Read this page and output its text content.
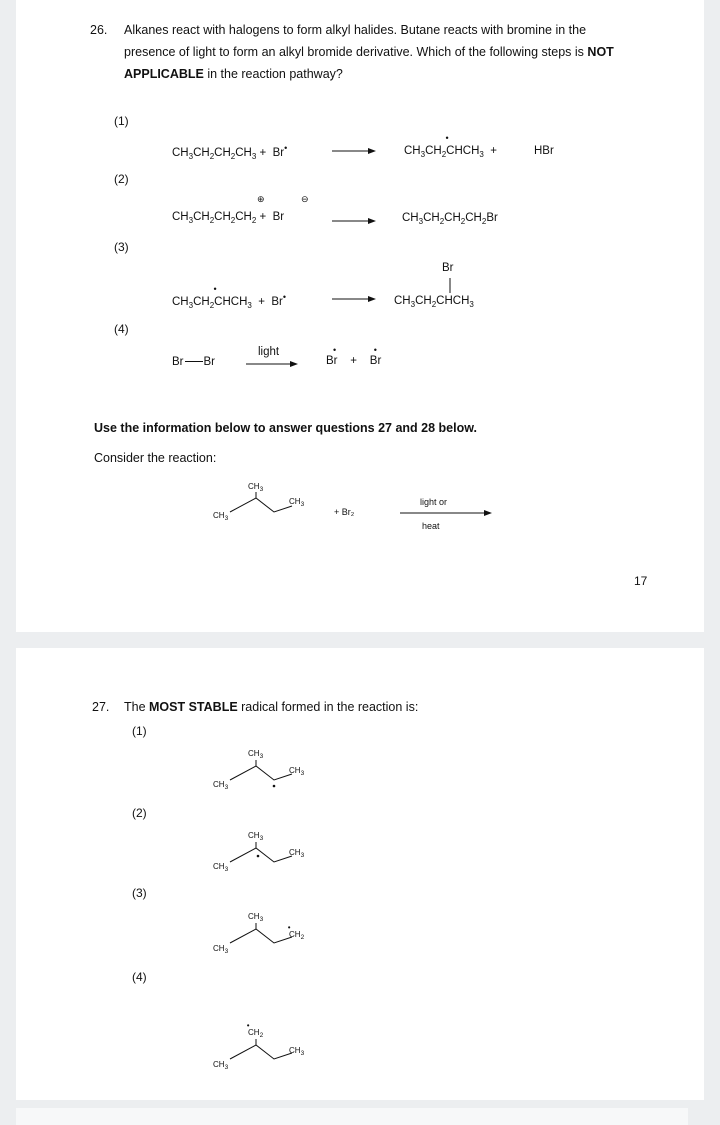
26. Alkanes react with halogens to form alkyl halides. Butane reacts with bromine in the
presence of light to form an alkyl bromide derivative. Which of the following steps is NOT
APPLICABLE in the reaction pathway?
(1)
$CH_3CH_2CH_2CH_3 + Br^•$	$CH_3CH_2CH$
•
$CH_3$  +	HBr
(2)
⊕	⊖
$CH_3CH_2CH_2CH_2 + Br$	$CH_3CH_2CH_2CH_2Br$
(3)
$CH_3CH_2CH$
•
$CH_3 + Br^•$
Br
$CH_3CH_2CHCH_3$
(4)
Br Br
light
Br
•
+    Br
•
Use the information below to answer questions 27 and 28 below.
Consider the reaction:
$CH_3$
$CH_3$
$CH_3$
+ Br₂
light or
heat
17
27. The MOST STABLE radical formed in the reaction is:
(1)
$CH_3$
$CH_3$
$CH_3$
(2)
$CH_3$
$CH_3$
$CH_3$
(3)
$CH_3$
CH
•
$_2$
$CH_3$
(4)
CH
•
$_2$
$CH_3$
$CH_3$
